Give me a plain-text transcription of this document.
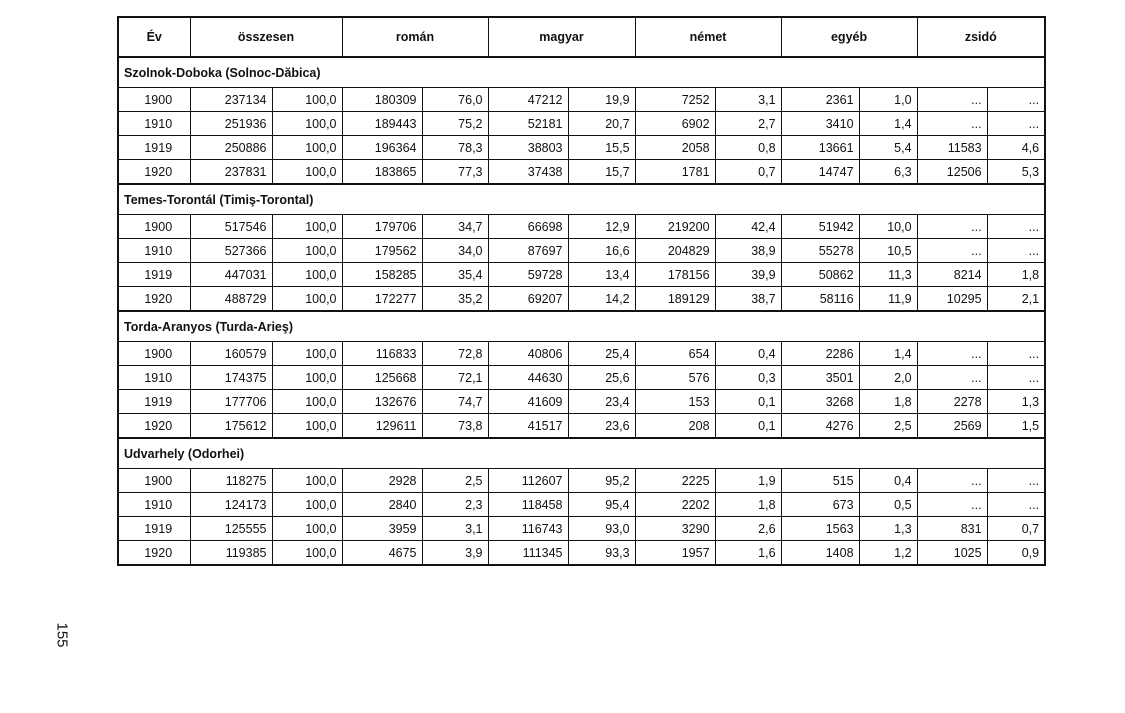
155
Év	összesen		román		magyar		német		egyéb		zsidó	
Szolnok-Doboka (Solnoc-Dăbica)												
1900	237134	100,0	180309	76,0	47212	19,9	7252	3,1	2361	1,0	...	...
1910	251936	100,0	189443	75,2	52181	20,7	6902	2,7	3410	1,4	...	...
1919	250886	100,0	196364	78,3	38803	15,5	2058	0,8	13661	5,4	11583	4,6
1920	237831	100,0	183865	77,3	37438	15,7	1781	0,7	14747	6,3	12506	5,3
Temes-Torontál (Timiş-Torontal)												
1900	517546	100,0	179706	34,7	66698	12,9	219200	42,4	51942	10,0	...	...
1910	527366	100,0	179562	34,0	87697	16,6	204829	38,9	55278	10,5	...	...
1919	447031	100,0	158285	35,4	59728	13,4	178156	39,9	50862	11,3	8214	1,8
1920	488729	100,0	172277	35,2	69207	14,2	189129	38,7	58116	11,9	10295	2,1
Torda-Aranyos (Turda-Arieş)												
1900	160579	100,0	116833	72,8	40806	25,4	654	0,4	2286	1,4	...	...
1910	174375	100,0	125668	72,1	44630	25,6	576	0,3	3501	2,0	...	...
1919	177706	100,0	132676	74,7	41609	23,4	153	0,1	3268	1,8	2278	1,3
1920	175612	100,0	129611	73,8	41517	23,6	208	0,1	4276	2,5	2569	1,5
Udvarhely (Odorhei)												
1900	118275	100,0	2928	2,5	112607	95,2	2225	1,9	515	0,4	...	...
1910	124173	100,0	2840	2,3	118458	95,4	2202	1,8	673	0,5	...	...
1919	125555	100,0	3959	3,1	116743	93,0	3290	2,6	1563	1,3	831	0,7
1920	119385	100,0	4675	3,9	111345	93,3	1957	1,6	1408	1,2	1025	0,9
